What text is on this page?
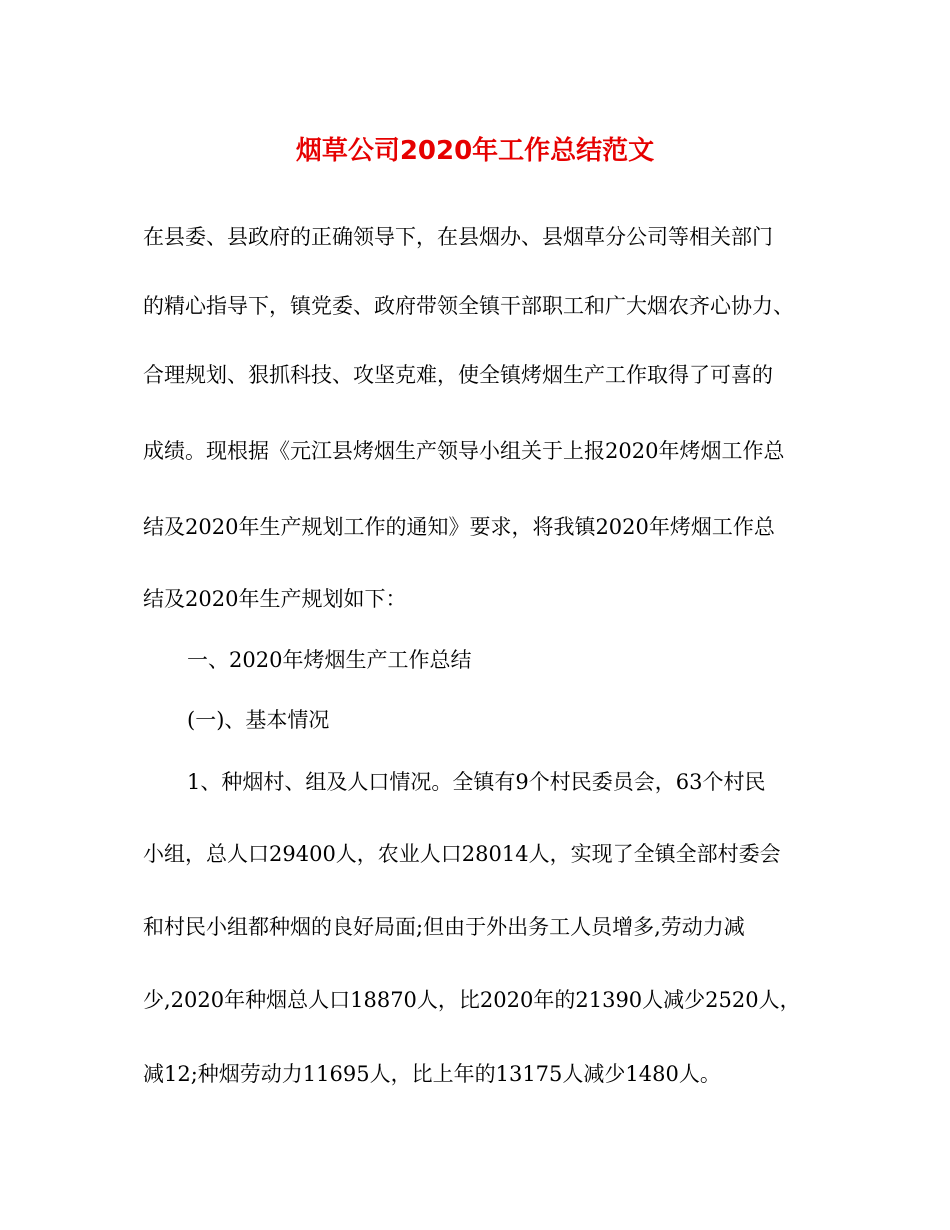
烟草公司2020年工作总结范文

在县委、县政府的正确领导下，在县烟办、县烟草分公司等相关部门

的精心指导下，镇党委、政府带领全镇干部职工和广大烟农齐心协力、

合理规划、狠抓科技、攻坚克难，使全镇烤烟生产工作取得了可喜的

成绩。现根据《元江县烤烟生产领导小组关于上报2020年烤烟工作总

结及2020年生产规划工作的通知》要求，将我镇2020年烤烟工作总

结及2020年生产规划如下：

一、2020年烤烟生产工作总结

(一)、基本情况

1、种烟村、组及人口情况。全镇有9个村民委员会，63个村民

小组，总人口29400人，农业人口28014人，实现了全镇全部村委会

和村民小组都种烟的良好局面;但由于外出务工人员增多,劳动力减

少,2020年种烟总人口18870人，比2020年的21390人减少2520人，

减12;种烟劳动力11695人，比上年的13175人减少1480人。
